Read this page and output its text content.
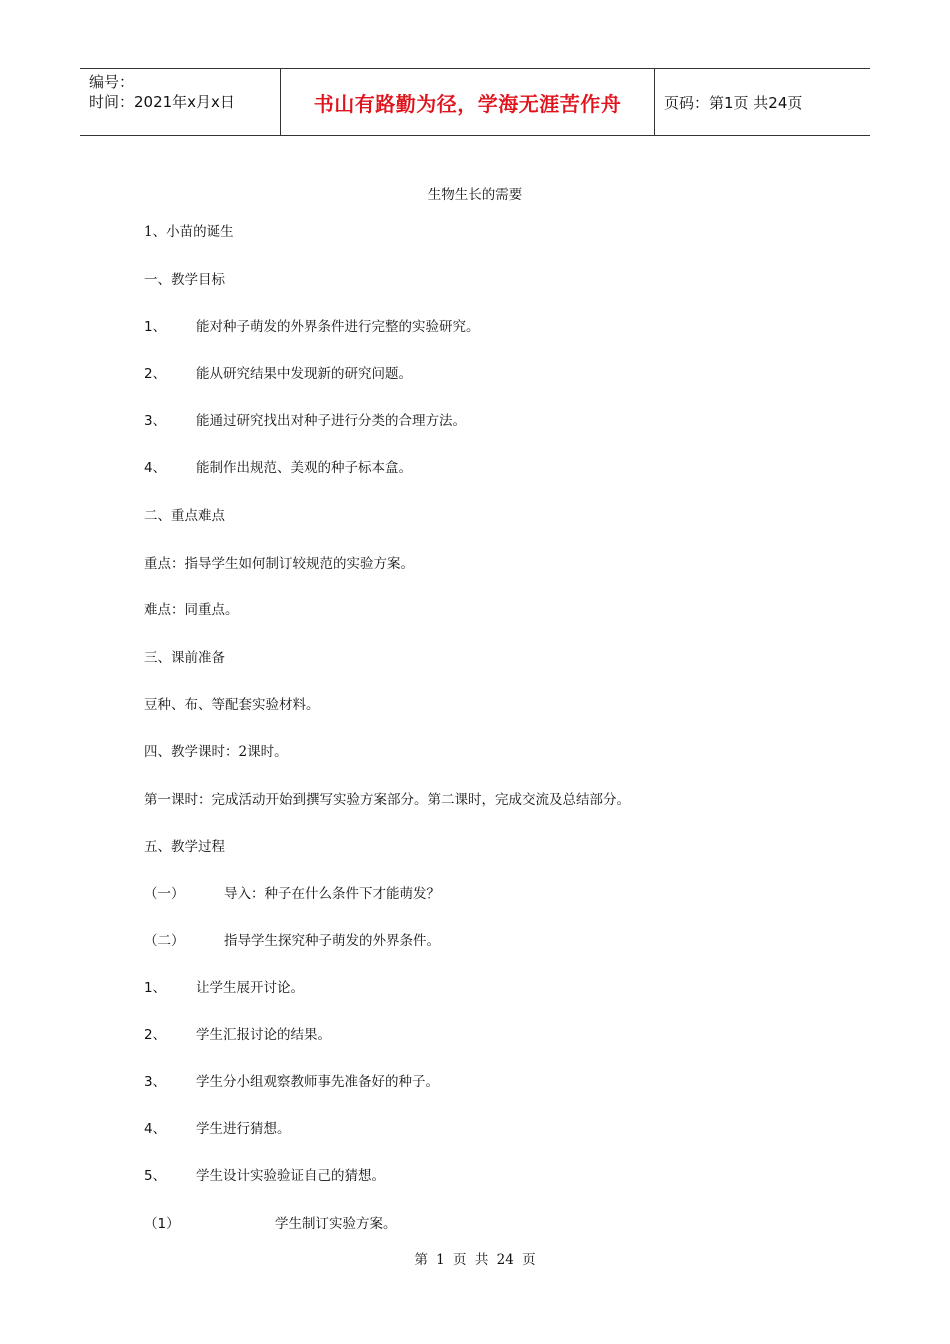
编号：
时间：2021年x月x日	书山有路勤为径，学海无涯苦作舟	页码：第1页 共24页
生物生长的需要
1、小苗的诞生
一、教学目标
1、 能对种子萌发的外界条件进行完整的实验研究。
2、 能从研究结果中发现新的研究问题。
3、 能通过研究找出对种子进行分类的合理方法。
4、 能制作出规范、美观的种子标本盒。
二、重点难点
重点：指导学生如何制订较规范的实验方案。
难点：同重点。
三、课前准备
豆种、布、等配套实验材料。
四、教学课时：2课时。
第一课时：完成活动开始到撰写实验方案部分。第二课时，完成交流及总结部分。
五、教学过程
（一）	导入：种子在什么条件下才能萌发？
（二）	指导学生探究种子萌发的外界条件。
1、 让学生展开讨论。
2、 学生汇报讨论的结果。
3、 学生分小组观察教师事先准备好的种子。
4、 学生进行猜想。
5、 学生设计实验验证自己的猜想。
（1）	学生制订实验方案。
第 1 页 共 24 页
